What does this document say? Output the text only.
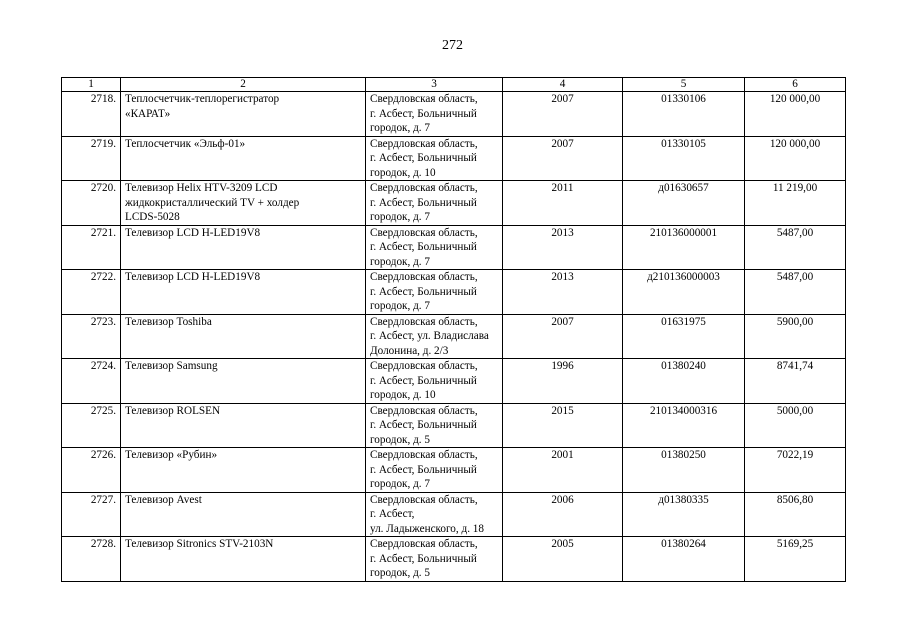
272
1	2	3	4	5	6
2718.	Теплосчетчик-теплорегистратор
«КАРАТ»	Свердловская область,
г. Асбест, Больничный
городок, д. 7	2007	01330106	120 000,00
2719.	Теплосчетчик «Эльф-01»	Свердловская область,
г. Асбест, Больничный
городок, д. 10	2007	01330105	120 000,00
2720.	Телевизор Helix HTV-3209 LCD
жидкокристаллический TV + холдер
LCDS-5028	Свердловская область,
г. Асбест, Больничный
городок, д. 7	2011	д01630657	11 219,00
2721.	Телевизор LCD H-LED19V8	Свердловская область,
г. Асбест, Больничный
городок, д. 7	2013	210136000001	5487,00
2722.	Телевизор LCD H-LED19V8	Свердловская область,
г. Асбест, Больничный
городок, д. 7	2013	д210136000003	5487,00
2723.	Телевизор Toshiba	Свердловская область,
г. Асбест, ул. Владислава
Долонина, д. 2/3	2007	01631975	5900,00
2724.	Телевизор Samsung	Свердловская область,
г. Асбест, Больничный
городок, д. 10	1996	01380240	8741,74
2725.	Телевизор ROLSEN	Свердловская область,
г. Асбест, Больничный
городок, д. 5	2015	210134000316	5000,00
2726.	Телевизор «Рубин»	Свердловская область,
г. Асбест, Больничный
городок, д. 7	2001	01380250	7022,19
2727.	Телевизор Avest	Свердловская область,
г. Асбест,
ул. Ладыженского, д. 18	2006	д01380335	8506,80
2728.	Телевизор Sitronics STV-2103N	Свердловская область,
г. Асбест, Больничный
городок, д. 5	2005	01380264	5169,25
